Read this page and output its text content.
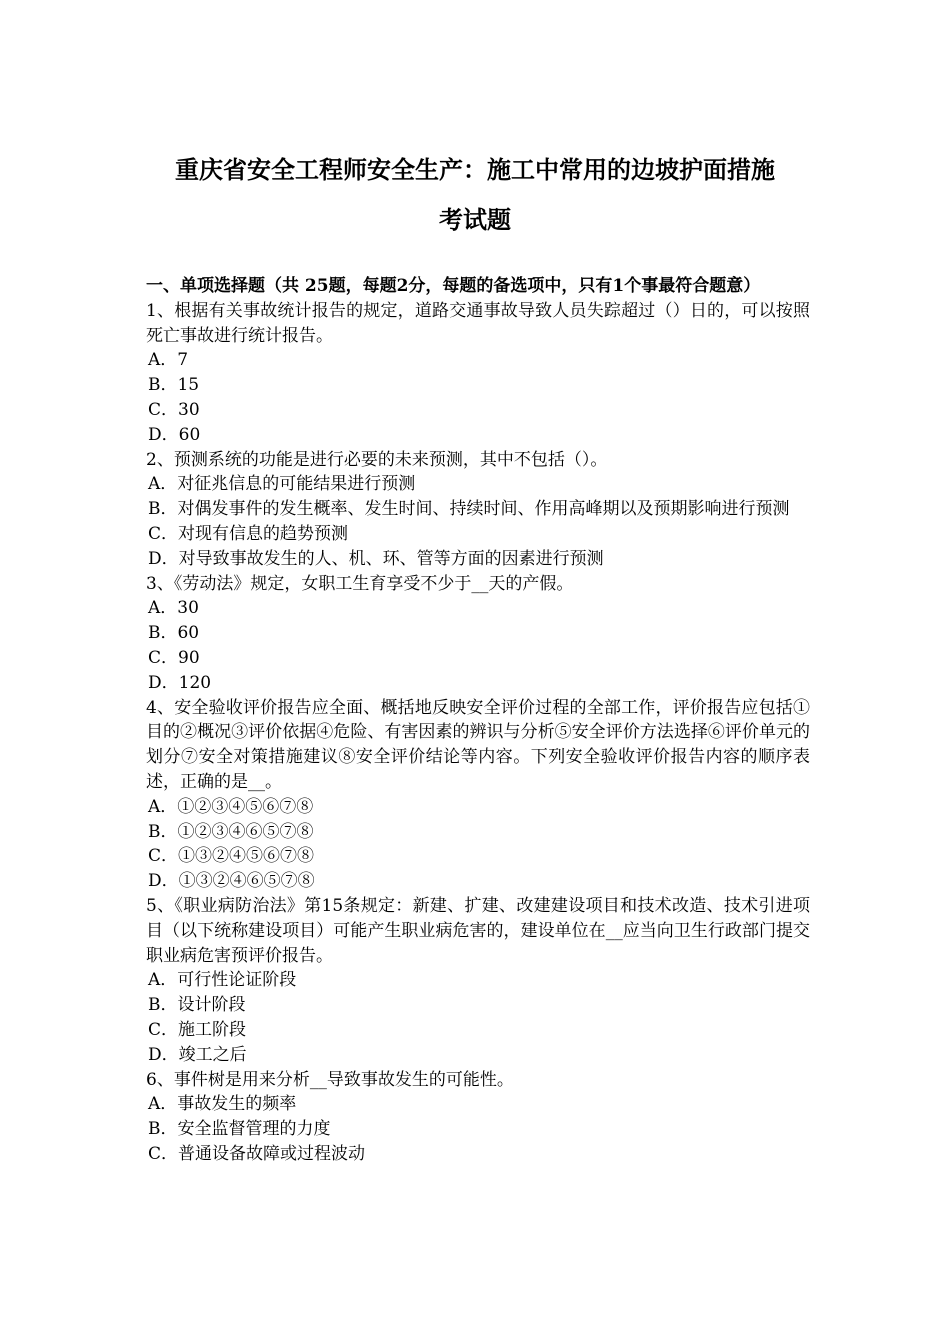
重庆省安全工程师安全生产：施工中常用的边坡护面措施
考试题

一、单项选择题（共 25题，每题2分，每题的备选项中，只有1个事最符合题意）

1、根据有关事故统计报告的规定，道路交通事故导致人员失踪超过（）日的，可以按照死亡事故进行统计报告。

A．7

B．15

C．30

D．60

2、预测系统的功能是进行必要的未来预测，其中不包括（）。

A．对征兆信息的可能结果进行预测

B．对偶发事件的发生概率、发生时间、持续时间、作用高峰期以及预期影响进行预测

C．对现有信息的趋势预测

D．对导致事故发生的人、机、环、管等方面的因素进行预测

3、《劳动法》规定，女职工生育享受不少于__天的产假。

A．30

B．60

C．90

D．120

4、安全验收评价报告应全面、概括地反映安全评价过程的全部工作，评价报告应包括①目的②概况③评价依据④危险、有害因素的辨识与分析⑤安全评价方法选择⑥评价单元的划分⑦安全对策措施建议⑧安全评价结论等内容。下列安全验收评价报告内容的顺序表述，正确的是__。

A．①②③④⑤⑥⑦⑧

B．①②③④⑥⑤⑦⑧

C．①③②④⑤⑥⑦⑧

D．①③②④⑥⑤⑦⑧

5、《职业病防治法》第15条规定：新建、扩建、改建建设项目和技术改造、技术引进项目（以下统称建设项目）可能产生职业病危害的，建设单位在__应当向卫生行政部门提交职业病危害预评价报告。

A．可行性论证阶段

B．设计阶段

C．施工阶段

D．竣工之后

6、事件树是用来分析__导致事故发生的可能性。

A．事故发生的频率

B．安全监督管理的力度

C．普通设备故障或过程波动
